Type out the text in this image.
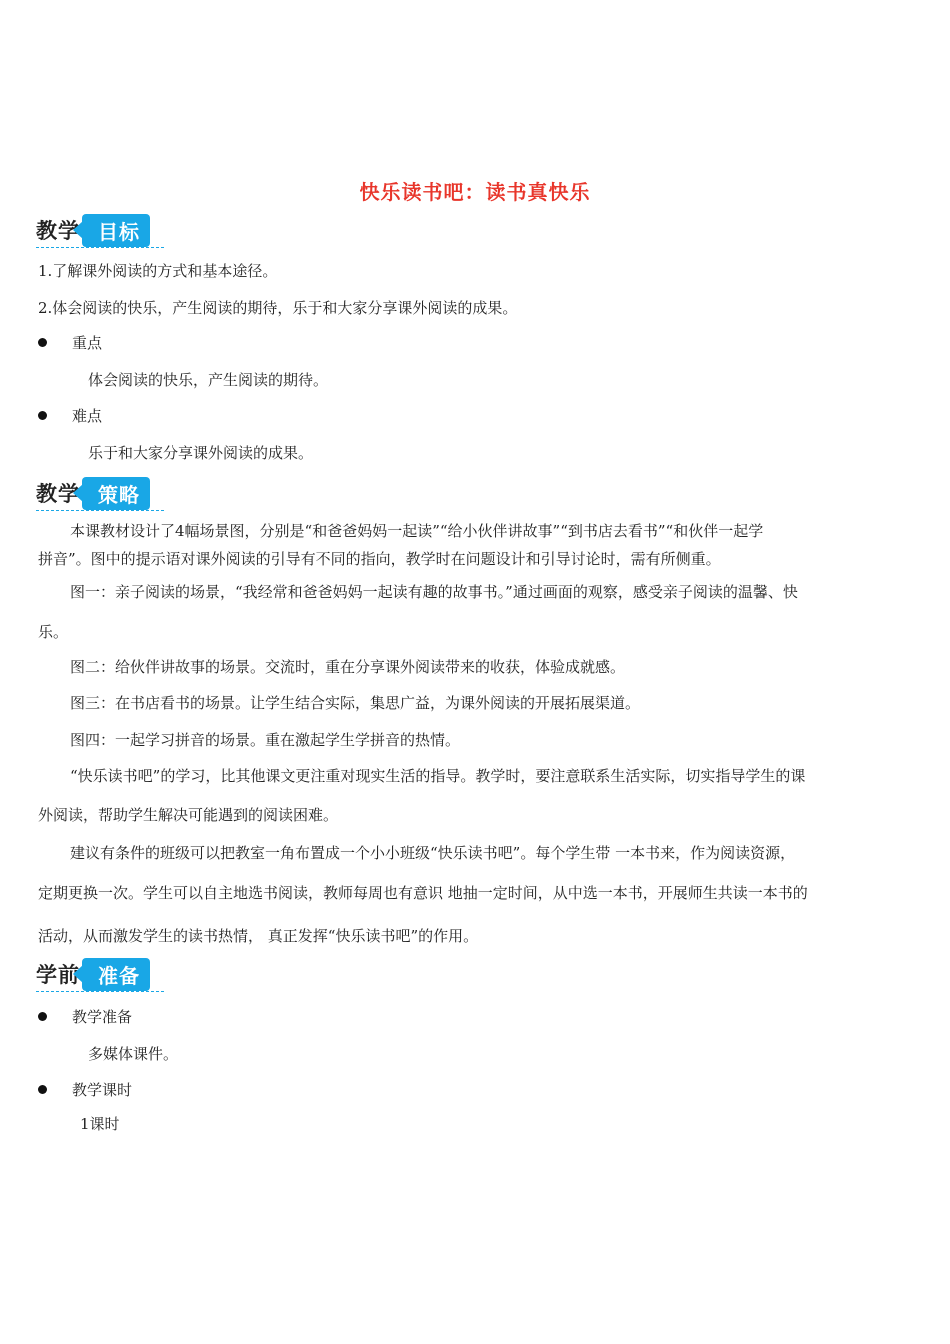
快乐读书吧：读书真快乐
教学 目标
1.了解课外阅读的方式和基本途径。
2.体会阅读的快乐，产生阅读的期待，乐于和大家分享课外阅读的成果。
重点
体会阅读的快乐，产生阅读的期待。
难点
乐于和大家分享课外阅读的成果。
教学 策略
本课教材设计了4幅场景图，分别是“和爸爸妈妈一起读”“给小伙伴讲故事”“到书店去看书”“和伙伴一起学
拼音”。图中的提示语对课外阅读的引导有不同的指向，教学时在问题设计和引导讨论时，需有所侧重。
图一：亲子阅读的场景，“我经常和爸爸妈妈一起读有趣的故事书。”通过画面的观察，感受亲子阅读的温馨、快
乐。
图二：给伙伴讲故事的场景。交流时，重在分享课外阅读带来的收获，体验成就感。
图三：在书店看书的场景。让学生结合实际，集思广益，为课外阅读的开展拓展渠道。
图四：一起学习拼音的场景。重在激起学生学拼音的热情。
“快乐读书吧”的学习，比其他课文更注重对现实生活的指导。教学时，要注意联系生活实际，切实指导学生的课
外阅读，帮助学生解决可能遇到的阅读困难。
建议有条件的班级可以把教室一角布置成一个小小班级“快乐读书吧”。每个学生带 一本书来，作为阅读资源，
定期更换一次。学生可以自主地选书阅读，教师每周也有意识 地抽一定时间，从中选一本书，开展师生共读一本书的
活动，从而激发学生的读书热情， 真正发挥“快乐读书吧”的作用。
学前 准备
教学准备
多媒体课件。
教学课时
1课时
